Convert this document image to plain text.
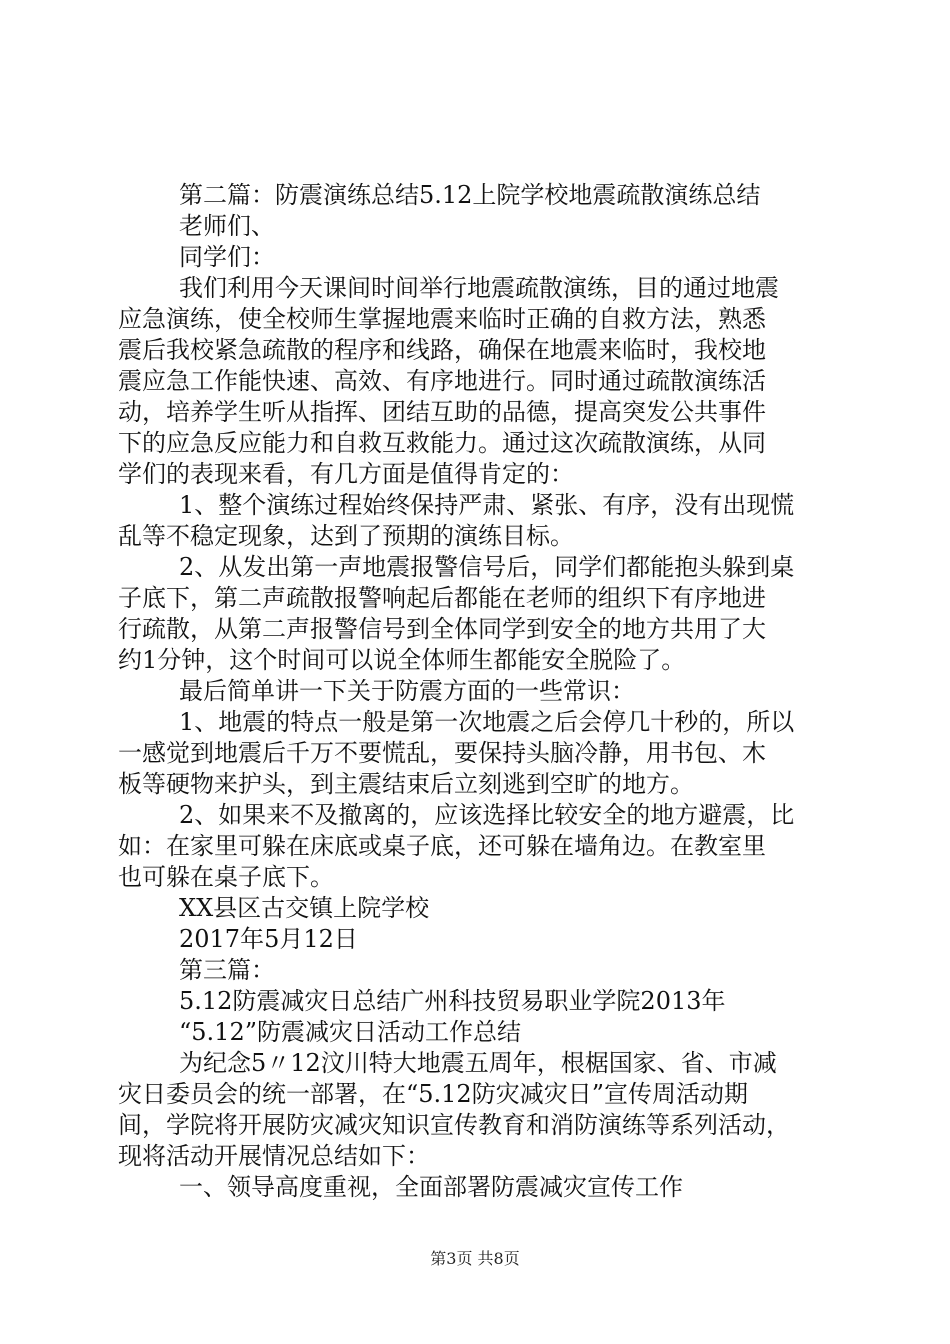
第二篇：防震演练总结5.12上院学校地震疏散演练总结
老师们、
同学们：
我们利用今天课间时间举行地震疏散演练，目的通过地震
应急演练，使全校师生掌握地震来临时正确的自救方法，熟悉
震后我校紧急疏散的程序和线路，确保在地震来临时，我校地
震应急工作能快速、高效、有序地进行。同时通过疏散演练活
动，培养学生听从指挥、团结互助的品德，提高突发公共事件
下的应急反应能力和自救互救能力。通过这次疏散演练，从同
学们的表现来看，有几方面是值得肯定的：
1、整个演练过程始终保持严肃、紧张、有序，没有出现慌
乱等不稳定现象，达到了预期的演练目标。
2、从发出第一声地震报警信号后，同学们都能抱头躲到桌
子底下，第二声疏散报警响起后都能在老师的组织下有序地进
行疏散，从第二声报警信号到全体同学到安全的地方共用了大
约1分钟，这个时间可以说全体师生都能安全脱险了。
最后简单讲一下关于防震方面的一些常识：
1、地震的特点一般是第一次地震之后会停几十秒的，所以
一感觉到地震后千万不要慌乱，要保持头脑冷静，用书包、木
板等硬物来护头，到主震结束后立刻逃到空旷的地方。
2、如果来不及撤离的，应该选择比较安全的地方避震，比
如：在家里可躲在床底或桌子底，还可躲在墙角边。在教室里
也可躲在桌子底下。
XX县区古交镇上院学校
2017年5月12日
第三篇：
5.12防震减灾日总结广州科技贸易职业学院2013年
“5.12”防震减灾日活动工作总结
为纪念5〃12汶川特大地震五周年，根椐国家、省、市减
灾日委员会的统一部署，在“5.12防灾减灾日”宣传周活动期
间，学院将开展防灾减灾知识宣传教育和消防演练等系列活动，
现将活动开展情况总结如下：
一、领导高度重视，全面部署防震减灾宣传工作
第3页 共8页
